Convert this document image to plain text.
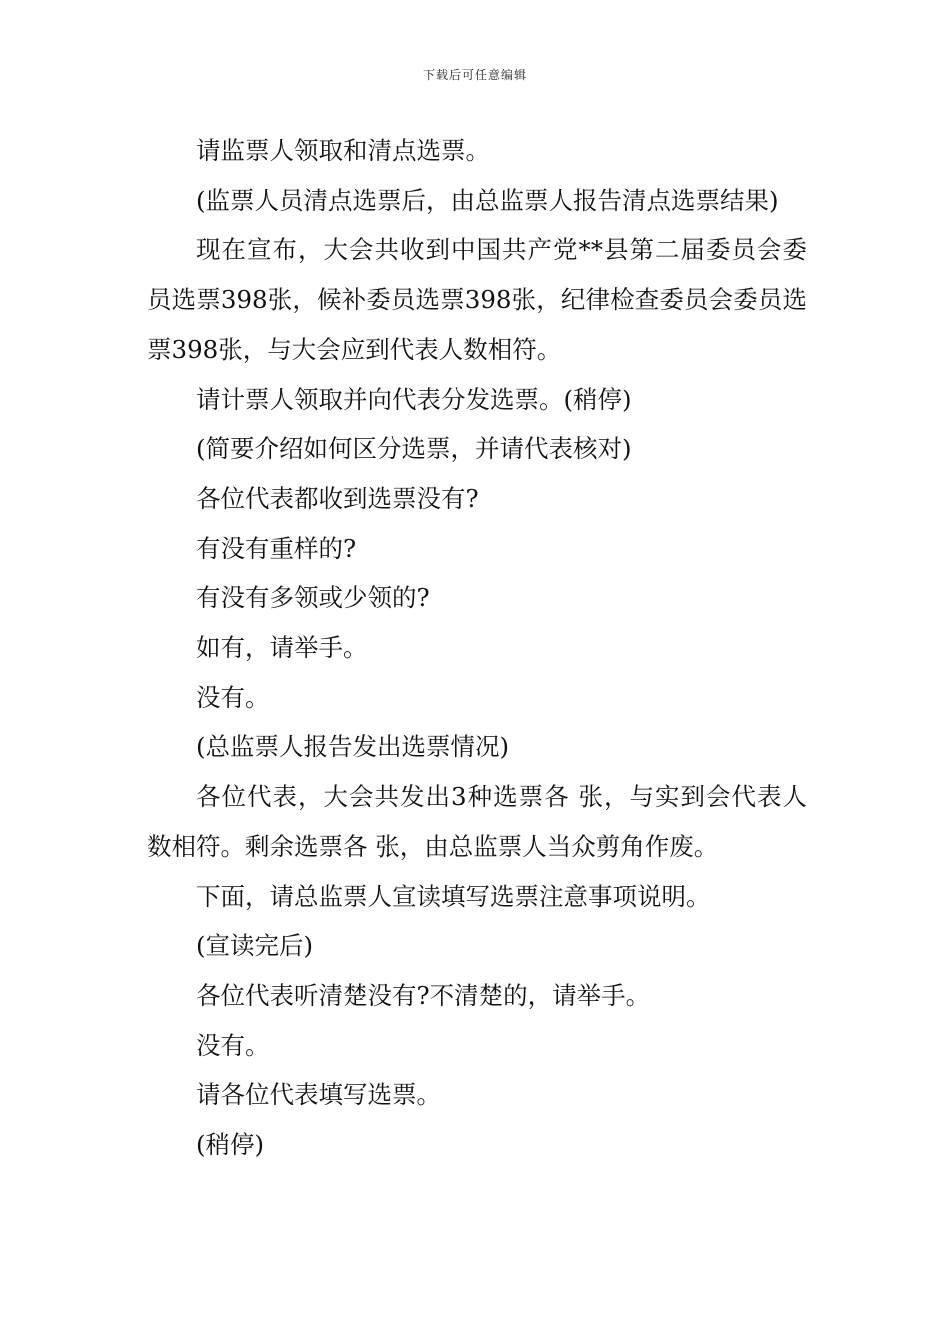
下载后可任意编辑

请监票人领取和清点选票。

(监票人员清点选票后，由总监票人报告清点选票结果)

现在宣布，大会共收到中国共产党**县第二届委员会委员选票398张，候补委员选票398张，纪律检查委员会委员选票398张，与大会应到代表人数相符。

请计票人领取并向代表分发选票。(稍停)

(简要介绍如何区分选票，并请代表核对)

各位代表都收到选票没有?

有没有重样的?

有没有多领或少领的?

如有，请举手。

没有。

(总监票人报告发出选票情况)

各位代表，大会共发出3种选票各 张，与实到会代表人数相符。剩余选票各 张，由总监票人当众剪角作废。

下面，请总监票人宣读填写选票注意事项说明。

(宣读完后)

各位代表听清楚没有?不清楚的，请举手。

没有。

请各位代表填写选票。

(稍停)
